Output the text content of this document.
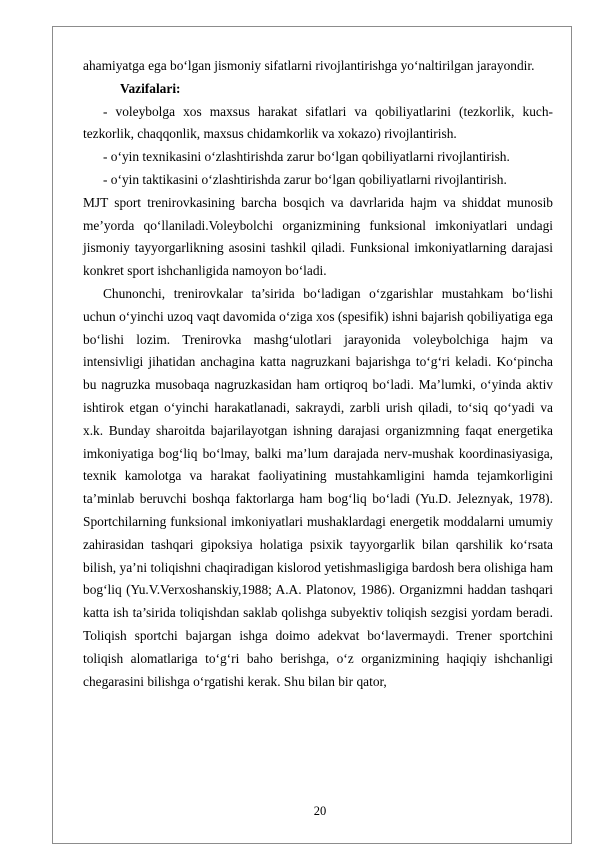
ahamiyatga ega bo‘lgan jismoniy sifatlarni rivojlantirishga yo‘naltirilgan jarayondir.

Vazifalari:

- voleybolga xos maxsus harakat sifatlari va qobiliyatlarini (tezkorlik, kuch-tezkorlik, chaqqonlik, maxsus chidamkorlik va xokazo) rivojlantirish.

- o‘yin texnikasini o‘zlashtirishda zarur bo‘lgan qobiliyatlarni rivojlantirish.

- o‘yin taktikasini o‘zlashtirishda zarur bo‘lgan qobiliyatlarni rivojlantirish.

MJT sport trenirovkasining barcha bosqich va davrlarida hajm va shiddat munosib me’yorda qo‘llaniladi.Voleybolchi organizmining funksional imkoniyatlari undagi jismoniy tayyorgarlikning asosini tashkil qiladi. Funksional imkoniyatlarning darajasi konkret sport ishchanligida namoyon bo‘ladi.

Chunonchi, trenirovkalar ta’sirida bo‘ladigan o‘zgarishlar mustahkam bo‘lishi uchun o‘yinchi uzoq vaqt davomida o‘ziga xos (spesifik) ishni bajarish qobiliyatiga ega bo‘lishi lozim. Trenirovka mashg‘ulotlari jarayonida voleybolchiga hajm va intensivligi jihatidan anchagina katta nagruzkani bajarishga to‘g‘ri keladi. Ko‘pincha bu nagruzka musobaqa nagruzkasidan ham ortiqroq bo‘ladi. Ma’lumki, o‘yinda aktiv ishtirok etgan o‘yinchi harakatlanadi, sakraydi, zarbli urish qiladi, to‘siq qo‘yadi va x.k. Bunday sharoitda bajarilayotgan ishning darajasi organizmning faqat energetika imkoniyatiga bog‘liq bo‘lmay, balki ma’lum darajada nerv-mushak koordinasiyasiga, texnik kamolotga va harakat faoliyatining mustahkamligini hamda tejamkorligini ta’minlab beruvchi boshqa faktorlarga ham bog‘liq bo‘ladi (Yu.D. Jeleznyak, 1978). Sportchilarning funksional imkoniyatlari mushaklardagi energetik moddalarni umumiy zahirasidan tashqari gipoksiya holatiga psixik tayyorgarlik bilan qarshilik ko‘rsata bilish, ya’ni toliqishni chaqiradigan kislorod yetishmasligiga bardosh bera olishiga ham bog‘liq (Yu.V.Verxoshanskiy,1988; A.A. Platonov, 1986). Organizmni haddan tashqari katta ish ta’sirida toliqishdan saklab qolishga subyektiv toliqish sezgisi yordam beradi. Toliqish sportchi bajargan ishga doimo adekvat bo‘lavermaydi. Trener sportchini toliqish alomatlariga to‘g‘ri baho berishga, o‘z organizmining haqiqiy ishchanligi chegarasini bilishga o‘rgatishi kerak. Shu bilan bir qator,

20
